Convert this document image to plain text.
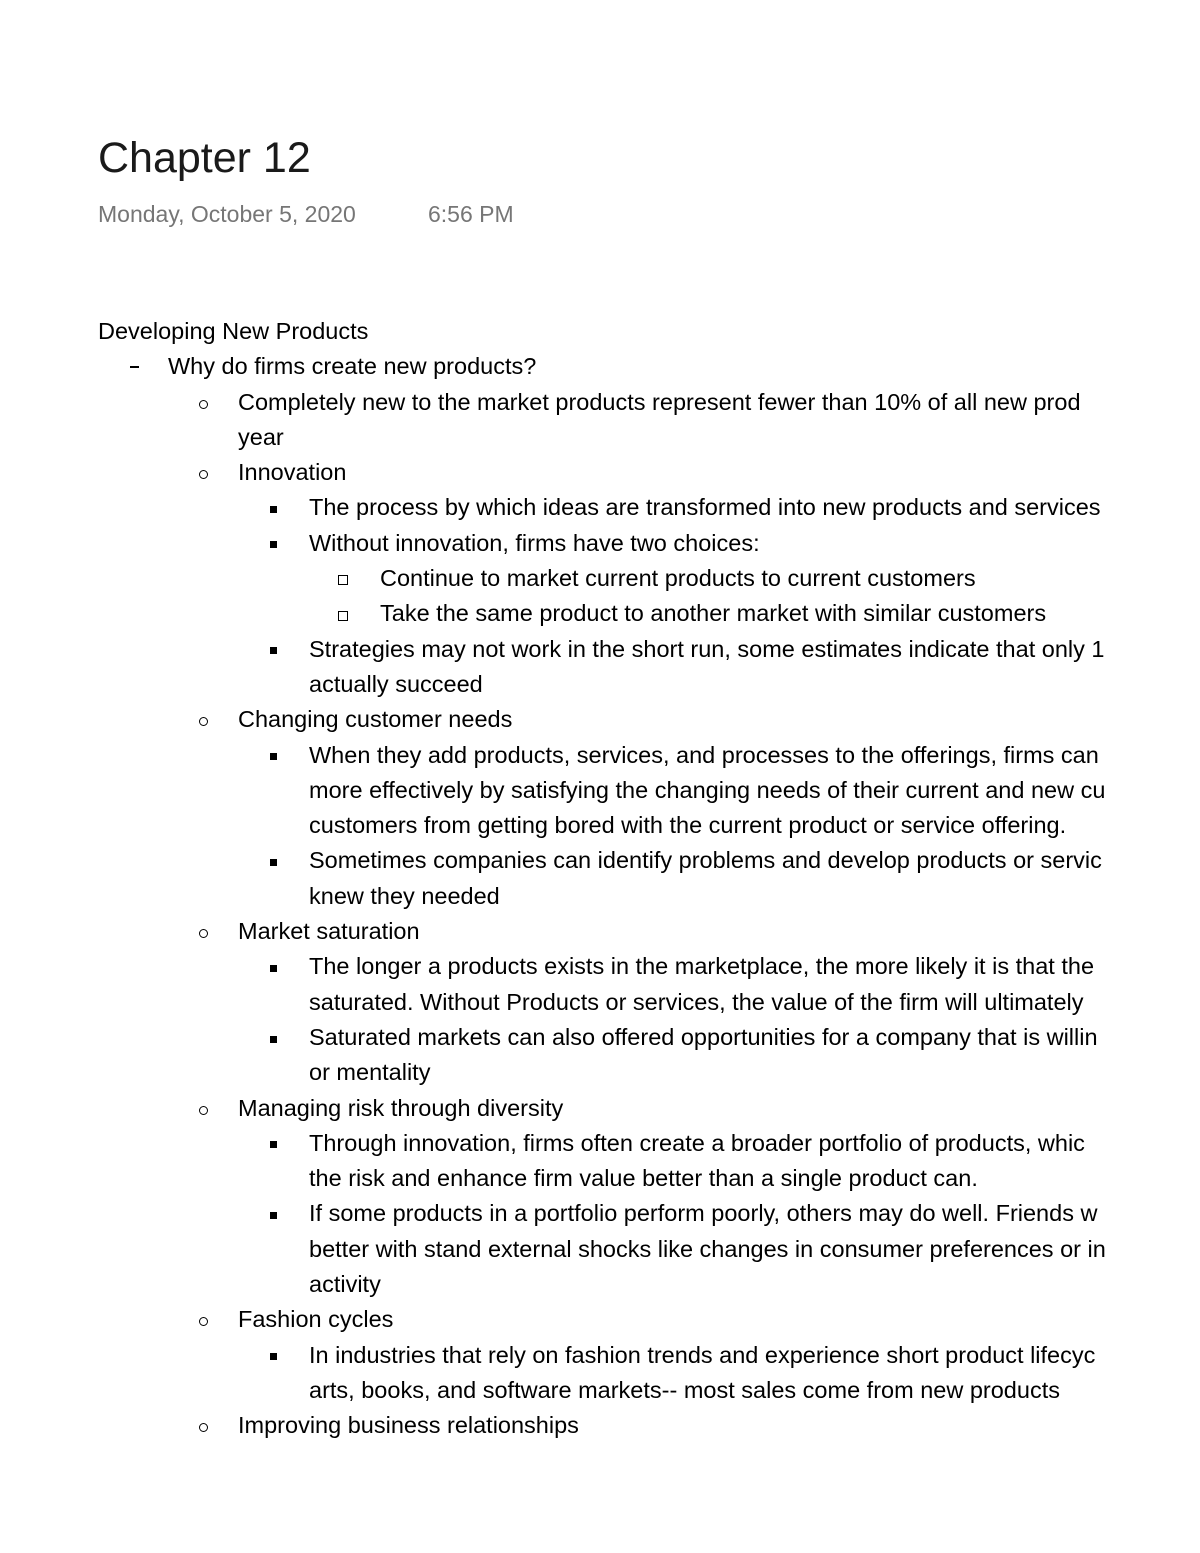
Chapter 12
Monday, October 5, 2020	6:56 PM
Developing New Products
Why do firms create new products?
Completely new to the market products represent fewer than 10% of all new prod
year
Innovation
The process by which ideas are transformed into new products and services
Without innovation, firms have two choices:
Continue to market current products to current customers
Take the same product to another market with similar customers
Strategies may not work in the short run, some estimates indicate that only 1
actually succeed
Changing customer needs
When they add products, services, and processes to the offerings, firms can
more effectively by satisfying the changing needs of their current and new cu
customers from getting bored with the current product or service offering.
Sometimes companies can identify problems and develop products or servic
knew they needed
Market saturation
The longer a products exists in the marketplace, the more likely it is that the
saturated. Without Products or services, the value of the firm will ultimately
Saturated markets can also offered opportunities for a company that is willin
or mentality
Managing risk through diversity
Through innovation, firms often create a broader portfolio of products, whic
the risk and enhance firm value better than a single product can.
If some products in a portfolio perform poorly, others may do well. Friends w
better with stand external shocks like changes in consumer preferences or in
activity
Fashion cycles
In industries that rely on fashion trends and experience short product lifecyc
arts, books, and software markets-- most sales come from new products
Improving business relationships
